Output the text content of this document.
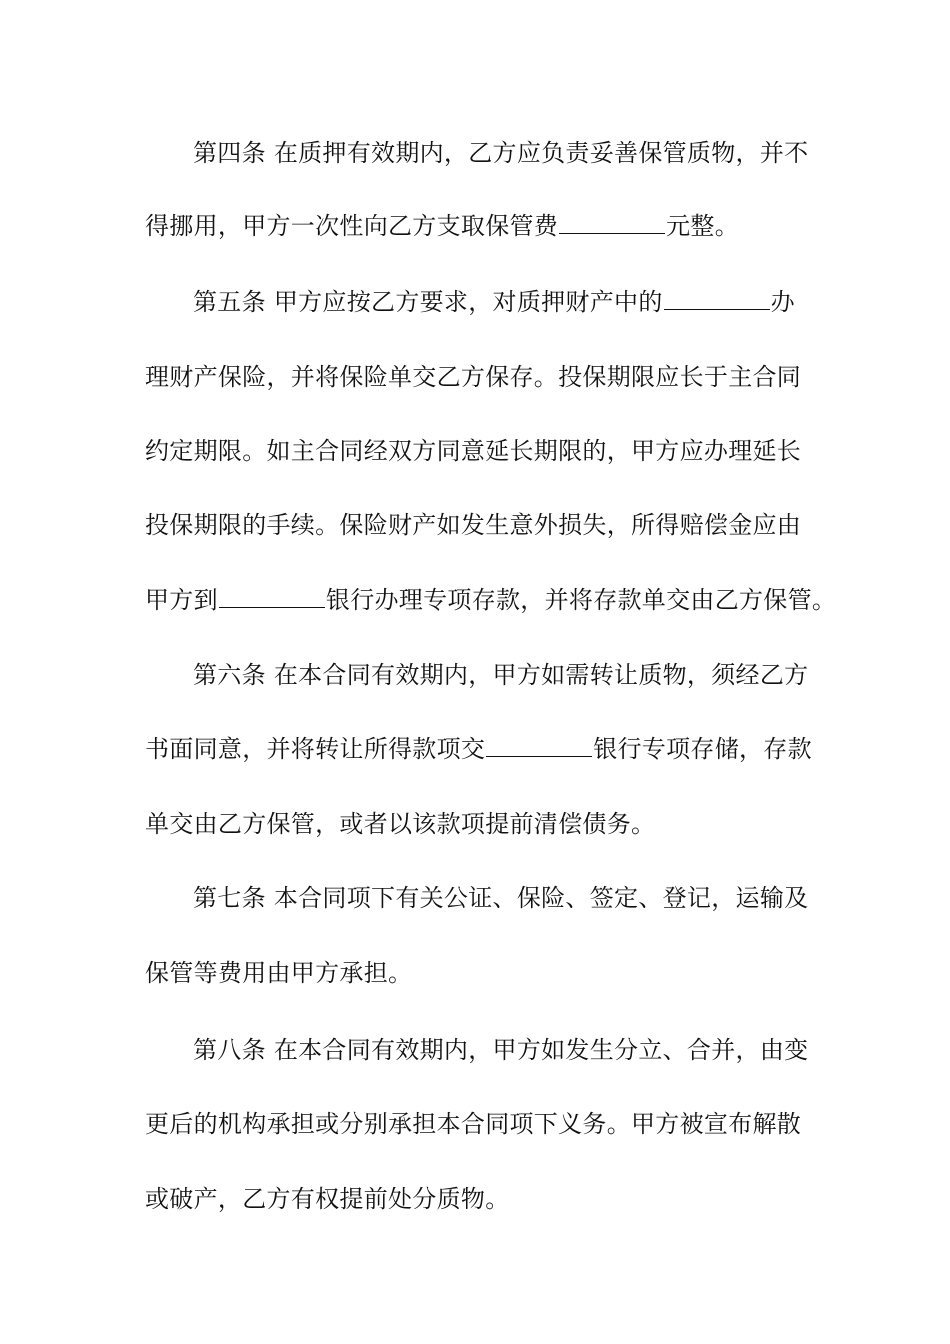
第四条 在质押有效期内，乙方应负责妥善保管质物，并不
得挪用，甲方一次性向乙方支取保管费	元整。
第五条 甲方应按乙方要求，对质押财产中的	办
理财产保险，并将保险单交乙方保存。投保期限应长于主合同
约定期限。如主合同经双方同意延长期限的，甲方应办理延长
投保期限的手续。保险财产如发生意外损失，所得赔偿金应由
甲方到	银行办理专项存款，并将存款单交由乙方保管。
第六条 在本合同有效期内，甲方如需转让质物，须经乙方
书面同意，并将转让所得款项交	银行专项存储，存款
单交由乙方保管，或者以该款项提前清偿债务。
第七条 本合同项下有关公证、保险、签定、登记，运输及
保管等费用由甲方承担。
第八条 在本合同有效期内，甲方如发生分立、合并，由变
更后的机构承担或分别承担本合同项下义务。甲方被宣布解散
或破产，乙方有权提前处分质物。
